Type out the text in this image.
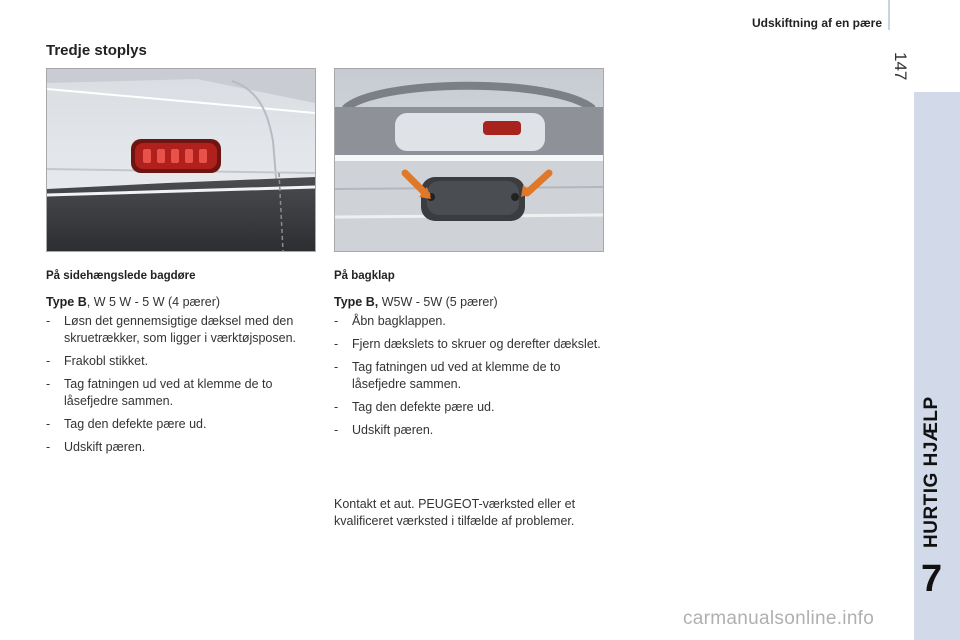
Udskiftning af en pære
147
HURTIG HJÆLP
7
Tredje stoplys
På sidehængslede bagdøre
Type B, W 5 W - 5 W (4 pærer)
- Løsn det gennemsigtige dæksel med den skruetrækker, som ligger i værktøjsposen.
- Frakobl stikket.
- Tag fatningen ud ved at klemme de to låsefjedre sammen.
- Tag den defekte pære ud.
- Udskift pæren.
På bagklap
Type B, W5W - 5W (5 pærer)
- Åbn bagklappen.
- Fjern dækslets to skruer og derefter dækslet.
- Tag fatningen ud ved at klemme de to låsefjedre sammen.
- Tag den defekte pære ud.
- Udskift pæren.
Kontakt et aut. PEUGEOT-værksted eller et kvalificeret værksted i tilfælde af problemer.
carmanualsonline.info
